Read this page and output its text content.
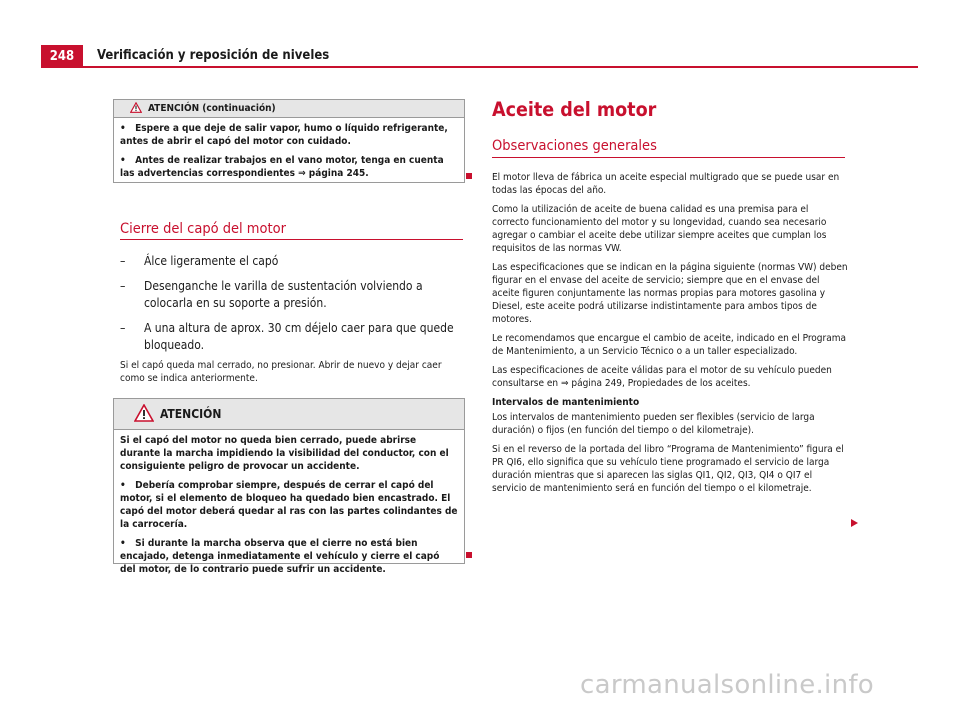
248	Verificación y reposición de niveles
ATENCIÓN (continuación)

•   Espere a que deje de salir vapor, humo o líquido refrigerante, antes de abrir el capó del motor con cuidado.

•   Antes de realizar trabajos en el vano motor, tenga en cuenta las advertencias correspondientes ⇒ página 245.

Cierre del capó del motor
–	Álce ligeramente el capó
–	Desenganche le varilla de sustentación volviendo a colocarla en su soporte a presión.
–	A una altura de aprox. 30 cm déjelo caer para que quede bloqueado.
Si el capó queda mal cerrado, no presionar. Abrir de nuevo y dejar caer como se indica anteriormente.
ATENCIÓN

Si el capó del motor no queda bien cerrado, puede abrirse durante la marcha impidiendo la visibilidad del conductor, con el consiguiente peligro de provocar un accidente.

•   Debería comprobar siempre, después de cerrar el capó del motor, si el elemento de bloqueo ha quedado bien encastrado. El capó del motor deberá quedar al ras con las partes colindantes de la carrocería.

•   Si durante la marcha observa que el cierre no está bien encajado, detenga inmediatamente el vehículo y cierre el capó del motor, de lo contrario puede sufrir un accidente.

Aceite del motor
Observaciones generales

El motor lleva de fábrica un aceite especial multigrado que se puede usar en todas las épocas del año.

Como la utilización de aceite de buena calidad es una premisa para el correcto funcionamiento del motor y su longevidad, cuando sea necesario agregar o cambiar el aceite debe utilizar siempre aceites que cumplan los requisitos de las normas VW.

Las especificaciones que se indican en la página siguiente (normas VW) deben figurar en el envase del aceite de servicio; siempre que en el envase del aceite figuren conjuntamente las normas propias para motores gasolina y Diesel, este aceite podrá utilizarse indistintamente para ambos tipos de motores.

Le recomendamos que encargue el cambio de aceite, indicado en el Programa de Mantenimiento, a un Servicio Técnico o a un taller especializado.

Las especificaciones de aceite válidas para el motor de su vehículo pueden consultarse en ⇒ página 249, Propiedades de los aceites.

Intervalos de mantenimiento

Los intervalos de mantenimiento pueden ser flexibles (servicio de larga duración) o fijos (en función del tiempo o del kilometraje).

Si en el reverso de la portada del libro “Programa de Mantenimiento” figura el PR QI6, ello significa que su vehículo tiene programado el servicio de larga duración mientras que si aparecen las siglas QI1, QI2, QI3, QI4 o QI7 el servicio de mantenimiento será en función del tiempo o el kilometraje.

carmanualsonline.info
